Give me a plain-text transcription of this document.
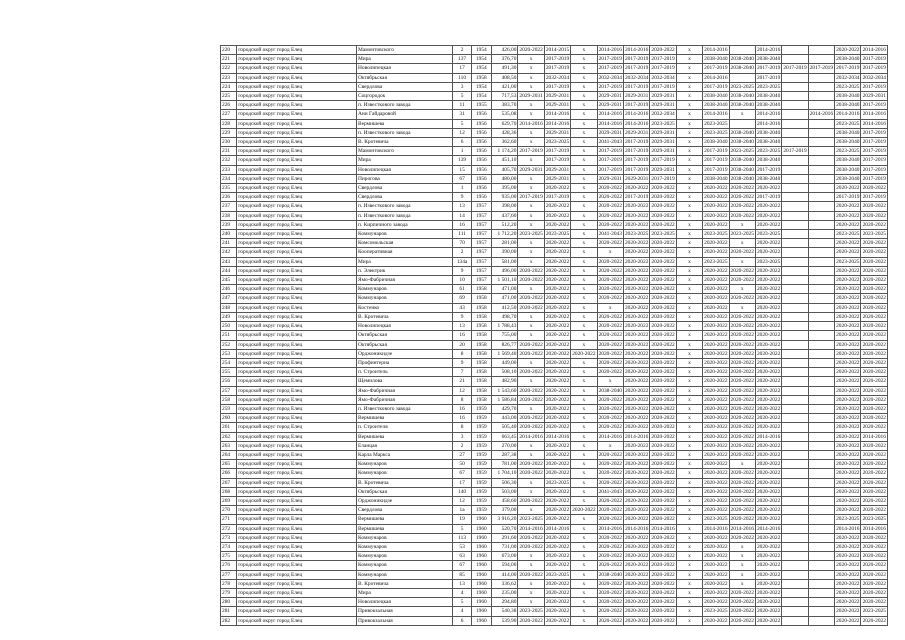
220	городской округ город Елец	Мамонтовского	2	1954	426,00	2020-2022	2014-2015	х	2014-2016	2014-2016	2020-2022	х	2014-2016		2014-2016			2020-2022	2014-2016
221	городской округ город Елец	Мира	137	1954	376,70	х	2017-2019	х	2017-2019	2017-2019	2017-2019	х	2038-2040	2038-2040	2038-2040			2038-2040	2017-2019
222	городской округ город Елец	Новолипецкая	17	1954	491,30	х	2017-2019	х	2017-2019	2017-2019	2017-2019	х	2017-2019	2038-2040	2017-2019	2017-2019	2017-2019	2017-2019	2017-2019
223	городской округ город Елец	Октябрьская	110	1958	408,50	х	2032-2034	х	2032-2034	2032-2034	2032-2034	х	2014-2016		2017-2019			2032-2034	2032-2034
224	городской округ город Елец	Свердлова	3	1954	421,00	х	2017-2019	х	2017-2019	2017-2019	2017-2019	х	2017-2019	2023-2025	2023-2025			2023-2025	2017-2019
225	городской округ город Елец	Соцгородок	5	1954	717,53	2029-2031	2029-2031	х	2029-2031	2029-2031	2029-2031	х	2038-2040	2038-2040	2038-2040			2038-2040	2029-2031
226	городской округ город Елец	п. Известкового завода	11	1955	383,70	х	2029-2031	х	2029-2031	2017-2019	2029-2031	х	2038-2040	2038-2040	2038-2040			2038-2040	2017-2019
227	городской округ город Елец	Ани Гайдаровой	31	1956	535,08	х	2014-2016	х	2014-2016	2014-2016	2032-2034	х	2014-2016	х	2014-2016		2014-2016	2014-2016	2014-2016
228	городской округ город Елец	Вермишева	5	1956	629,70	2014-2016	2014-2016	х	2014-2016	2014-2016	2023-2025	х	2023-2025		2014-2016			2023-2025	2014-2016
229	городской округ город Елец	п. Известкового завода	12	1956	428,36	х	2029-2031	х	2029-2031	2029-2031	2029-2031	х	2023-2025	2038-2040	2038-2040			2038-2040	2017-2019
230	городской округ город Елец	В. Кротевича	6	1956	362,60	х	2023-2025	х	2041-2043	2017-2019	2029-2031	х	2038-2040	2038-2040	2038-2040			2038-2040	2017-2019
231	городской округ город Елец	Мамонтовского	1	1956	1 174,20	2017-2019	2017-2019	х	2017-2019	2017-2019	2029-2031	х	2017-2019	2023-2025	2023-2025	2017-2019		2023-2025	2017-2019
232	городской округ город Елец	Мира	139	1956	451,10	х	2017-2019	х	2017-2019	2017-2019	2017-2019	х	2017-2019	2038-2040	2038-2040			2038-2040	2017-2019
233	городской округ город Елец	Новолипецкая	15	1956	405,70	2029-2031	2029-2031	х	2017-2019	2017-2019	2029-2031	х	2017-2019	2038-2040	2017-2019			2038-2040	2017-2019
234	городской округ город Елец	Пирогова	67	1956	480,00	х	2029-2031	х	2029-2031	2029-2031	2017-2019	х	2038-2040	2038-2040	2038-2040			2038-2040	2017-2019
235	городской округ город Елец	Свердлова	1	1956	395,00	х	2020-2022	х	2020-2022	2020-2022	2020-2022	х	2020-2022	2020-2022	2020-2022			2020-2022	2020-2022
236	городской округ город Елец	Свердлова	9	1956	935,00	2017-2019	2017-2019	х	2020-2022	2017-2019	2020-2022	х	2020-2022	2020-2022	2017-2019			2017-2019	2017-2019
237	городской округ город Елец	п. Известкового завода	13	1957	398,00	х	2020-2022	х	2020-2022	2020-2022	2020-2022	х	2020-2022	2020-2022	2020-2022			2020-2022	2020-2022
238	городской округ город Елец	п. Известкового завода	14	1957	437,60	х	2020-2022	х	2020-2022	2020-2022	2020-2022	х	2020-2022	2020-2022	2020-2022			2020-2022	2020-2022
239	городской округ город Елец	п. Кирпичного завода	16	1957	512,20	х	2020-2022	х	2020-2022	2020-2022	2020-2022	х	2020-2022	х	2020-2022			2020-2022	2020-2022
240	городской округ город Елец	Коммунаров	111	1957	1 712,20	2023-2025	2023-2025	х	2041-2043	2023-2025	2023-2025	х	2023-2025	2023-2025	2023-2025			2023-2025	2023-2025
241	городской округ город Елец	Комсомольская	70	1957	281,00	х	2020-2022	х	2020-2022	2020-2022	2020-2022	х	2020-2022	х	2020-2022			2020-2022	2020-2022
242	городской округ город Елец	Кооперативная	2	1957	390,00	х	2020-2022	х	х	2020-2022	2020-2022	х	2020-2022	2020-2022	2020-2022			2020-2022	2020-2022
243	городской округ город Елец	Мира	134а	1957	581,00	х	2020-2022	х	2020-2022	2020-2022	2020-2022	х	2023-2025	х	2023-2025			2023-2025	2020-2022
244	городской округ город Елец	п. Электрик	9	1957	496,00	2020-2022	2020-2022	х	2020-2022	2020-2022	2020-2022	х	2020-2022	2020-2022	2020-2022			2020-2022	2020-2022
245	городской округ город Елец	Ямо-Фабричная	10	1957	1 501,10	2020-2022	2020-2022	х	2020-2022	2020-2022	2020-2022	х	2020-2022	2020-2022	2020-2022			2020-2022	2020-2022
246	городской округ город Елец	Коммунаров	61	1958	471,00	х	2020-2022	х	2020-2022	2020-2022	2020-2022	х	2020-2022	х	2020-2022			2020-2022	2020-2022
247	городской округ город Елец	Коммунаров	69	1958	471,00	2020-2022	2020-2022	х	2020-2022	2020-2022	2020-2022	х	2020-2022	2020-2022	2020-2022			2020-2022	2020-2022
248	городской округ город Елец	Костенко	43	1958	412,50	2020-2022	2020-2022	х	х	2020-2022	2020-2022	х	2020-2022	х	2020-2022			2020-2022	2020-2022
249	городской округ город Елец	В. Кротевича	9	1958	498,70	х	2020-2022	х	2020-2022	2020-2022	2020-2022	х	2020-2022	2020-2022	2020-2022			2020-2022	2020-2022
250	городской округ город Елец	Новолипецкая	13	1958	1 788,43	х	2020-2022	х	2020-2022	2020-2022	2020-2022	х	2020-2022	2020-2022	2020-2022			2020-2022	2020-2022
251	городской округ город Елец	Октябрьская	16	1958	755,00	х	2020-2022	х	2020-2022	2020-2022	2020-2022	х	2020-2022	2020-2022	2020-2022			2020-2022	2020-2022
252	городской округ город Елец	Октябрьская	20	1958	826,77	2020-2022	2020-2022	х	2020-2022	2020-2022	2020-2022	х	2020-2022	2020-2022	2020-2022			2020-2022	2020-2022
253	городской округ город Елец	Орджоникидзе	8	1958	1 569,40	2020-2022	2020-2022	2020-2022	2020-2022	2020-2022	2020-2022	х	2020-2022	2020-2022	2020-2022			2020-2022	2020-2022
254	городской округ город Елец	Профинтерна	9	1958	449,00	х	2020-2022	х	2020-2022	2020-2022	2020-2022	х	2020-2022	2020-2022	2020-2022			2020-2022	2020-2022
255	городской округ город Елец	п. Строитель	7	1958	508,10	2020-2022	2020-2022	х	2020-2022	2020-2022	2020-2022	х	2020-2022	2020-2022	2020-2022			2020-2022	2020-2022
256	городской округ город Елец	Щемилова	21	1958	482,90	х	2020-2022	х	х	2020-2022	2020-2022	х	2020-2022	2020-2022	2020-2022			2020-2022	2020-2022
257	городской округ город Елец	Ямо-Фабричная	12	1958	1 543,60	2020-2022	2020-2022	х	2038-2040	2020-2022	2020-2022	х	2020-2022	2020-2022	2020-2022			2020-2022	2020-2022
258	городской округ город Елец	Ямо-Фабричная	8	1958	1 586,84	2020-2022	2020-2022	х	2020-2022	2020-2022	2020-2022	х	2020-2022	2020-2022	2020-2022			2020-2022	2020-2022
259	городской округ город Елец	п. Известкового завода	16	1959	429,70	х	2020-2022	х	2020-2022	2020-2022	2020-2022	х	2020-2022	2020-2022	2020-2022			2020-2022	2020-2022
260	городской округ город Елец	Вермишева	16	1959	443,00	2020-2022	2020-2022	х	2020-2022	2020-2022	2020-2022	х	2020-2022	2020-2022	2020-2022			2020-2022	2020-2022
261	городской округ город Елец	п. Строителя	8	1959	505,40	2020-2022	2020-2022	х	2020-2022	2020-2022	2020-2022	х	2020-2022	2020-2022	2020-2022			2020-2022	2020-2022
262	городской округ город Елец	Вермишева	3	1959	663,45	2014-2016	2014-2016	х	2014-2016	2014-2016	2020-2022	х	2020-2022	2020-2022	2014-2016			2020-2022	2014-2016
263	городской округ город Елец	Еланцая	2	1959	270,00	х	2020-2022	х	х	2020-2022	2020-2022	х	2020-2022	2020-2022	2020-2022			2020-2022	2020-2022
264	городской округ город Елец	Карла Маркса	27	1959	287,38	х	2020-2022	х	2020-2022	2020-2022	2020-2022	х	2020-2022	2020-2022	2020-2022			2020-2022	2020-2022
265	городской округ город Елец	Коммунаров	50	1959	781,00	2020-2022	2020-2022	х	2020-2022	2020-2022	2020-2022	х	2020-2022	х	2020-2022			2020-2022	2020-2022
266	городской округ город Елец	Коммунаров	67	1959	1 704,10	2020-2022	2020-2022	х	2020-2022	2020-2022	2020-2022	х	2020-2022	2020-2022	2020-2022			2020-2022	2020-2022
267	городской округ город Елец	В. Кротевича	17	1959	506,30	х	2023-2025	х	2020-2022	2020-2022	2020-2022	х	2020-2022	2020-2022	2020-2022			2020-2022	2020-2022
268	городской округ город Елец	Октябрьская	140	1959	503,00	х	2020-2022	х	2041-2043	2020-2022	2020-2022	х	2020-2022	2020-2022	2020-2022			2020-2022	2020-2022
269	городской округ город Елец	Орджоникидзе	12	1959	458,60	2020-2022	2020-2022	х	2020-2022	2020-2022	2020-2022	х	2020-2022	2020-2022	2020-2022			2020-2022	2020-2022
270	городской округ город Елец	Свердлова	1а	1959	379,00	х	2020-2022	2020-2022	2020-2022	2020-2022	2020-2022	х	2020-2022	2020-2022	2020-2022			2020-2022	2020-2022
271	городской округ город Елец	Вермишева	19	1960	3 916,20	2023-2025	2020-2022	х	2020-2022	2020-2022	2020-2022	х	2023-2025	2020-2022	2020-2022			2023-2025	2023-2025
272	городской округ город Елец	Вермишева	5	1960	520,70	2014-2016	2014-2016	х	2014-2016	2014-2016	2014-2016	х	2014-2016	2014-2016	2014-2016			2014-2016	2014-2016
273	городской округ город Елец	Коммунаров	113	1960	291,60	2020-2022	2020-2022	х	2020-2022	2020-2022	2020-2022	х	2020-2022	2020-2022	2020-2022			2020-2022	2020-2022
274	городской округ город Елец	Коммунаров	53	1960	731,00	2020-2022	2020-2022	х	2020-2022	2020-2022	2020-2022	х	2020-2022	х	2020-2022			2020-2022	2020-2022
275	городской округ город Елец	Коммунаров	63	1960	673,00	х	2020-2022	х	2020-2022	2020-2022	2020-2022	х	2020-2022	х	2020-2022			2020-2022	2020-2022
276	городской округ город Елец	Коммунаров	67	1960	594,00	х	2020-2022	х	2020-2022	2020-2022	2020-2022	х	2020-2022	х	2020-2022			2020-2022	2020-2022
277	городской округ город Елец	Коммунаров	85	1960	414,00	2020-2022	2023-2025	х	2038-2040	2020-2022	2020-2022	х	2020-2022	х	2020-2022			2020-2022	2020-2022
278	городской округ город Елец	В. Кротевича	13	1960	336,62	х	2020-2022	х	2020-2022	2020-2022	2020-2022	х	2020-2022	х	2020-2022			2020-2022	2020-2022
279	городской округ город Елец	Мира	4	1960	235,00	х	2020-2022	х	2020-2022	2020-2022	2020-2022	х	2020-2022	2020-2022	2020-2022			2020-2022	2020-2022
280	городской округ город Елец	Новолипецкая	5	1960	294,80	х	2020-2022	х	2020-2022	2020-2022	2020-2022	х	2020-2022	2020-2022	2020-2022			2020-2022	2020-2022
281	городской округ город Елец	Привокзальная	4	1960	540,38	2023-2025	2020-2022	х	2020-2022	2020-2022	2020-2022	х	2023-2025	2020-2022	2020-2022			2020-2022	2023-2025
282	городской округ город Елец	Привокзальная	6	1960	539,90	2020-2022	2020-2022	х	2020-2022	2020-2022	2020-2022	х	2020-2022	2020-2022	2020-2022			2020-2022	2020-2022
